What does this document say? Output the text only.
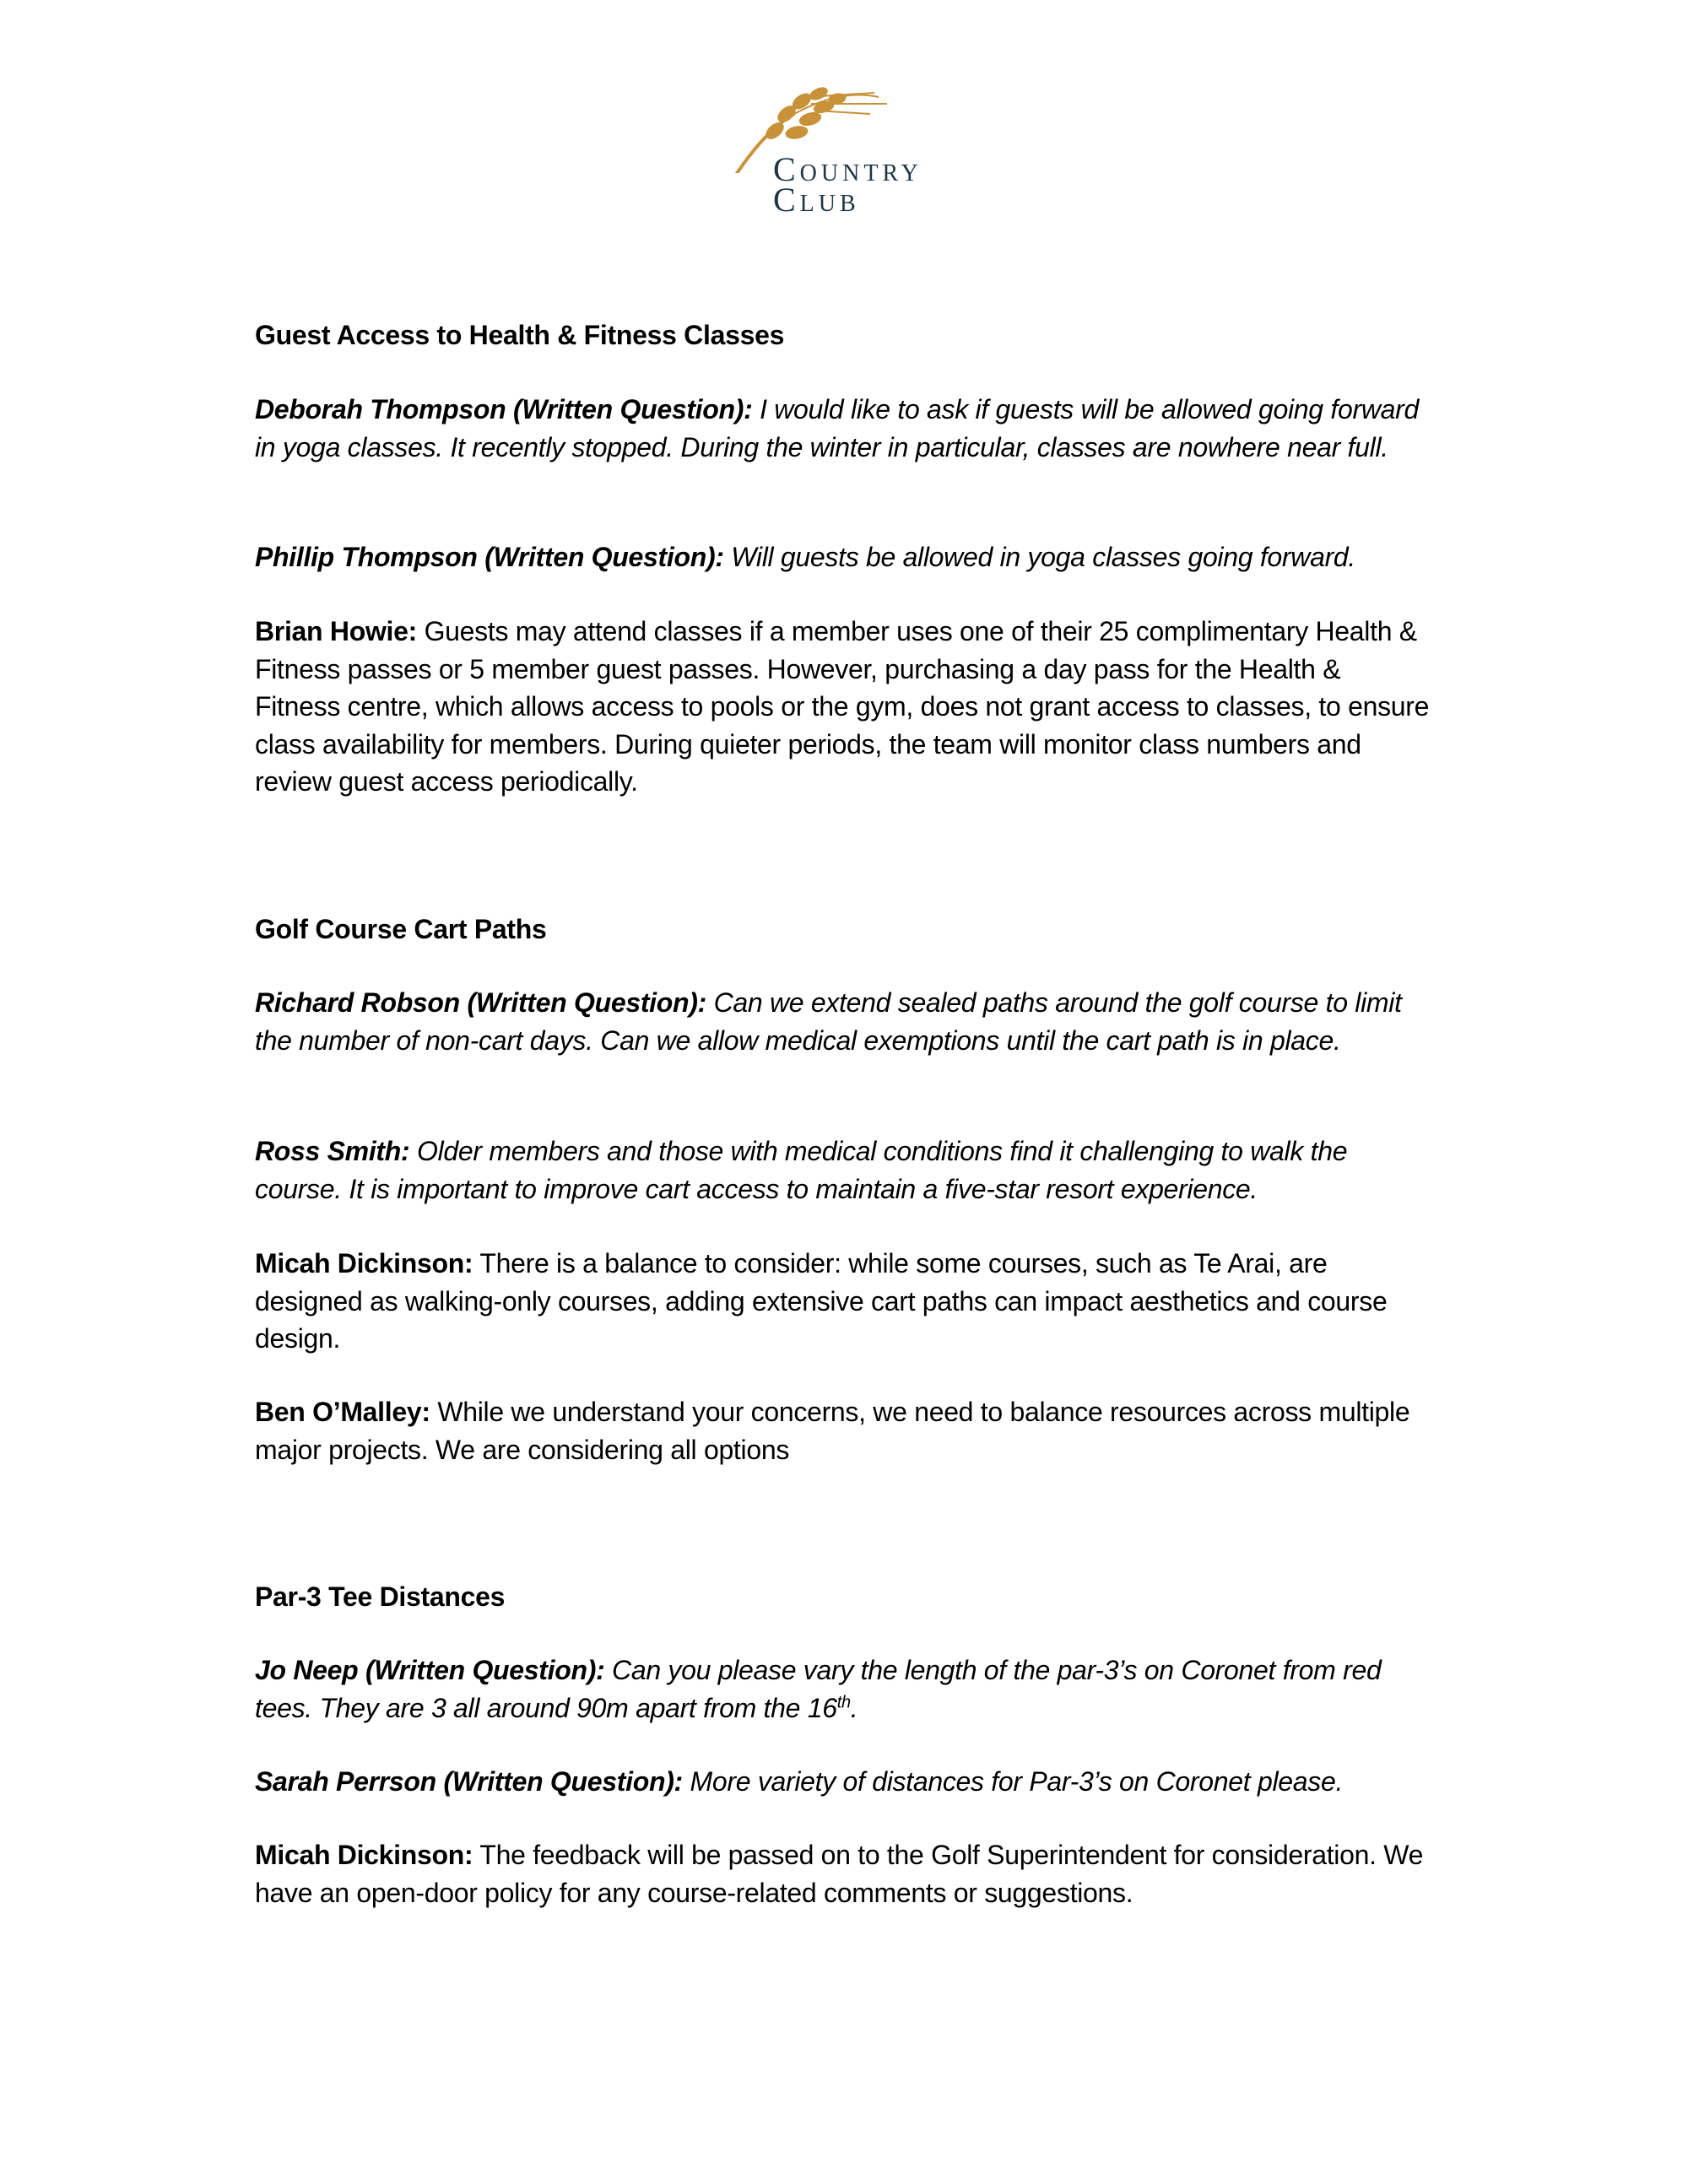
Country
Club
Guest Access to Health & Fitness Classes
Deborah Thompson (Written Question): I would like to ask if guests will be allowed going forward in yoga classes. It recently stopped. During the winter in particular, classes are nowhere near full.
Phillip Thompson (Written Question): Will guests be allowed in yoga classes going forward.
Brian Howie: Guests may attend classes if a member uses one of their 25 complimentary Health & Fitness passes or 5 member guest passes. However, purchasing a day pass for the Health & Fitness centre, which allows access to pools or the gym, does not grant access to classes, to ensure class availability for members. During quieter periods, the team will monitor class numbers and review guest access periodically.
Golf Course Cart Paths
Richard Robson (Written Question): Can we extend sealed paths around the golf course to limit the number of non-cart days. Can we allow medical exemptions until the cart path is in place.
Ross Smith: Older members and those with medical conditions find it challenging to walk the course. It is important to improve cart access to maintain a five-star resort experience.
Micah Dickinson: There is a balance to consider: while some courses, such as Te Arai, are designed as walking-only courses, adding extensive cart paths can impact aesthetics and course design.
Ben O’Malley: While we understand your concerns, we need to balance resources across multiple major projects. We are considering all options
Par-3 Tee Distances
Jo Neep (Written Question): Can you please vary the length of the par-3’s on Coronet from red tees. They are 3 all around 90m apart from the 16th.
Sarah Perrson (Written Question): More variety of distances for Par-3’s on Coronet please.
Micah Dickinson: The feedback will be passed on to the Golf Superintendent for consideration. We have an open-door policy for any course-related comments or suggestions.
